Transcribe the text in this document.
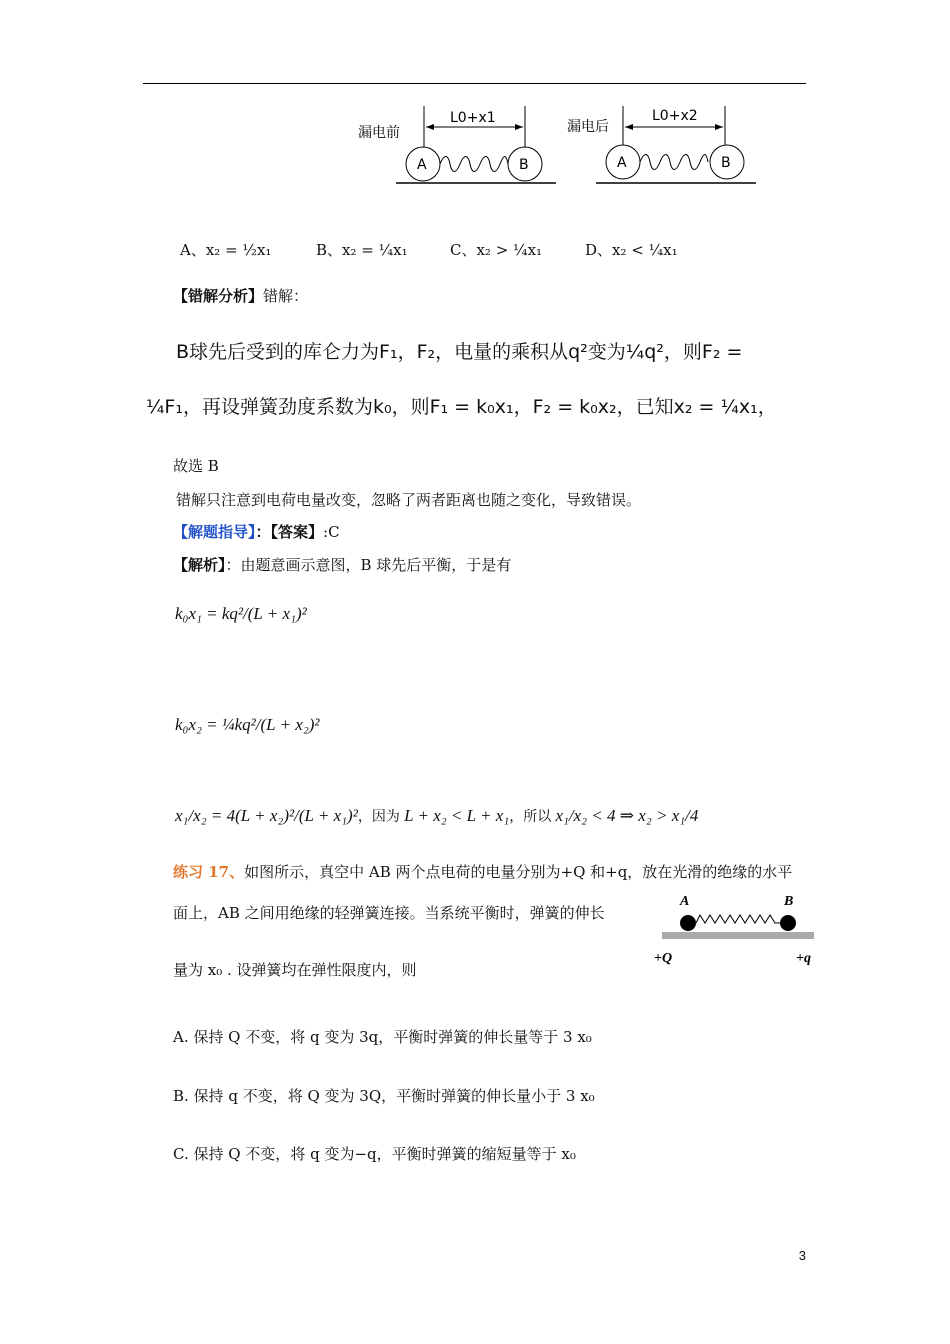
漏电前
L0+x1
A	B
漏电后
L0+x2
A	B
A、x₂ = ½x₁	B、x₂ = ¼x₁	C、x₂ > ¼x₁	D、x₂ < ¼x₁
【错解分析】错解：
B球先后受到的库仑力为F₁，F₂，电量的乘积从q²变为¼q²，则F₂ =
¼F₁，再设弹簧劲度系数为k₀，则F₁ = k₀x₁，F₂ = k₀x₂，已知x₂ = ¼x₁，
故选 B
错解只注意到电荷电量改变，忽略了两者距离也随之变化，导致错误。
【解题指导】：【答案】:C
【解析】：由题意画示意图，B 球先后平衡，于是有
k₀x₁ = kq²/(L + x₁)²
k₀x₂ = ¼kq²/(L + x₂)²
x₁/x₂ = 4(L + x₂)²/(L + x₁)²，因为 L + x₂ < L + x₁，所以 x₁/x₂ < 4 ⇒ x₂ > x₁/4
练习 17、如图所示，真空中 AB 两个点电荷的电量分别为+Q 和+q，放在光滑的绝缘的水平
面上，AB 之间用绝缘的轻弹簧连接。当系统平衡时，弹簧的伸长
量为 x₀ . 设弹簧均在弹性限度内，则
A	B
+Q	+q
A. 保持 Q 不变，将 q 变为 3q，平衡时弹簧的伸长量等于 3 x₀
B. 保持 q 不变，将 Q 变为 3Q，平衡时弹簧的伸长量小于 3 x₀
C. 保持 Q 不变，将 q 变为−q，平衡时弹簧的缩短量等于 x₀
3
